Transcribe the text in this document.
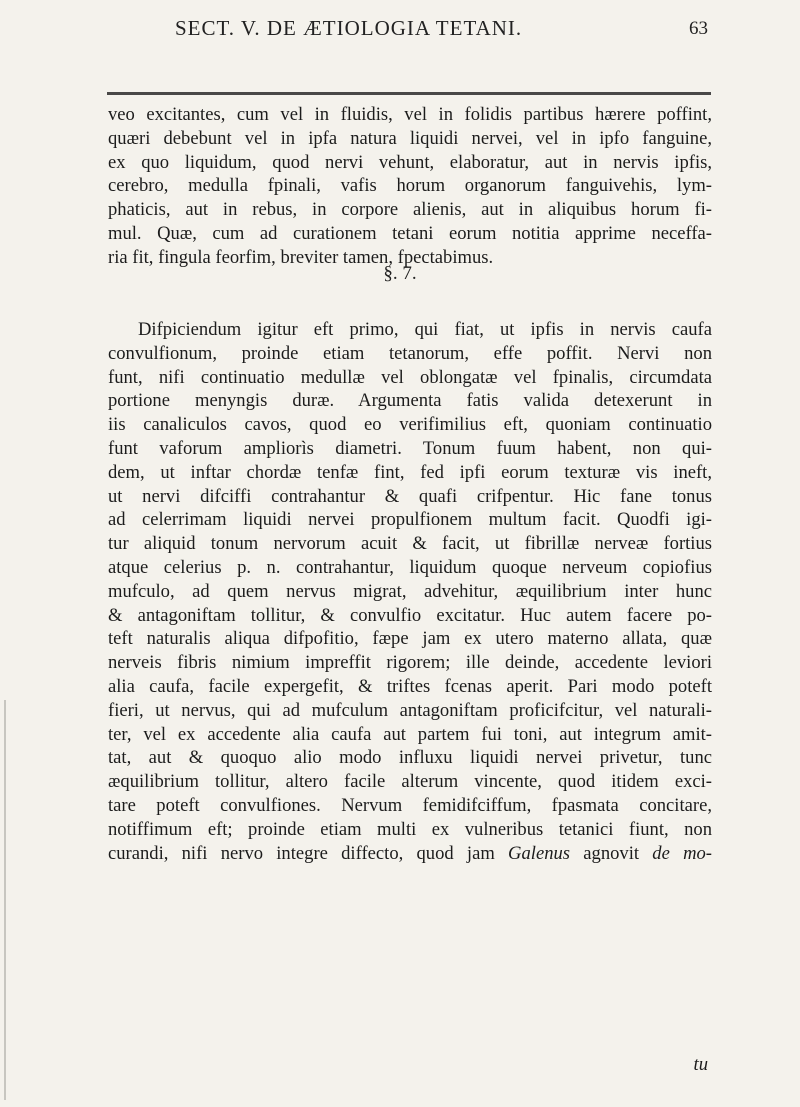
SECT. V. DE ÆTIOLOGIA TETANI.	63
veo excitantes, cum vel in fluidis, vel in folidis partibus hærere poffint,
quæri debebunt vel in ipfa natura liquidi nervei, vel in ipfo fanguine,
ex quo liquidum, quod nervi vehunt, elaboratur, aut in nervis ipfis,
cerebro, medulla fpinali, vafis horum organorum fanguivehis, lym-
phaticis, aut in rebus, in corpore alienis, aut in aliquibus horum fi-
mul. Quæ, cum ad curationem tetani eorum notitia apprime neceffa-
ria fit, fingula feorfim, breviter tamen, fpectabimus.
§. 7.
Difpiciendum igitur eft primo, qui fiat, ut ipfis in nervis caufa
convulfionum, proinde etiam tetanorum, effe poffit. Nervi non
funt, nifi continuatio medullæ vel oblongatæ vel fpinalis, circumdata
portione menyngis duræ. Argumenta fatis valida detexerunt in
iis canaliculos cavos, quod eo verifimilius eft, quoniam continuatio
funt vaforum ampliorìs diametri. Tonum fuum habent, non qui-
dem, ut inftar chordæ tenfæ fint, fed ipfi eorum texturæ vis ineft,
ut nervi difciffi contrahantur & quafi crifpentur. Hic fane tonus
ad celerrimam liquidi nervei propulfionem multum facit. Quodfi igi-
tur aliquid tonum nervorum acuit & facit, ut fibrillæ nerveæ fortius
atque celerius p. n. contrahantur, liquidum quoque nerveum copiofius
mufculo, ad quem nervus migrat, advehitur, æquilibrium inter hunc
& antagoniftam tollitur, & convulfio excitatur. Huc autem facere po-
teft naturalis aliqua difpofitio, fæpe jam ex utero materno allata, quæ
nerveis fibris nimium impreffit rigorem; ille deinde, accedente leviori
alia caufa, facile expergefit, & triftes fcenas aperit. Pari modo poteft
fieri, ut nervus, qui ad mufculum antagoniftam proficifcitur, vel naturali-
ter, vel ex accedente alia caufa aut partem fui toni, aut integrum amit-
tat, aut & quoquo alio modo influxu liquidi nervei privetur, tunc
æquilibrium tollitur, altero facile alterum vincente, quod itidem exci-
tare poteft convulfiones. Nervum femidifciffum, fpasmata concitare,
notiffimum eft; proinde etiam multi ex vulneribus tetanici fiunt, non
curandi, nifi nervo integre diffecto, quod jam Galenus agnovit de mo-
tu
